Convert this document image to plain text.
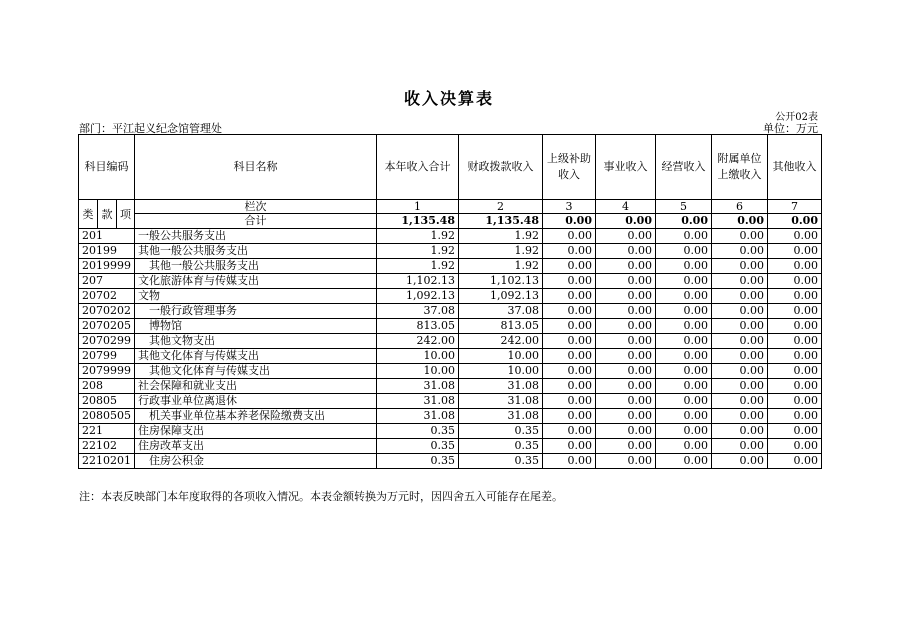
收入决算表
公开02表
部门：平江起义纪念馆管理处	单位：万元
科目编码			科目名称	本年收入合计	财政拨款收入	上级补助收入	事业收入	经营收入	附属单位上缴收入	其他收入
类	款	项	栏次	1	2	3	4	5	6	7
			合计	1,135.48	1,135.48	0.00	0.00	0.00	0.00	0.00
201			一般公共服务支出	1.92	1.92	0.00	0.00	0.00	0.00	0.00
20199			其他一般公共服务支出	1.92	1.92	0.00	0.00	0.00	0.00	0.00
2019999			其他一般公共服务支出	1.92	1.92	0.00	0.00	0.00	0.00	0.00
207			文化旅游体育与传媒支出	1,102.13	1,102.13	0.00	0.00	0.00	0.00	0.00
20702			文物	1,092.13	1,092.13	0.00	0.00	0.00	0.00	0.00
2070202			一般行政管理事务	37.08	37.08	0.00	0.00	0.00	0.00	0.00
2070205			博物馆	813.05	813.05	0.00	0.00	0.00	0.00	0.00
2070299			其他文物支出	242.00	242.00	0.00	0.00	0.00	0.00	0.00
20799			其他文化体育与传媒支出	10.00	10.00	0.00	0.00	0.00	0.00	0.00
2079999			其他文化体育与传媒支出	10.00	10.00	0.00	0.00	0.00	0.00	0.00
208			社会保障和就业支出	31.08	31.08	0.00	0.00	0.00	0.00	0.00
20805			行政事业单位离退休	31.08	31.08	0.00	0.00	0.00	0.00	0.00
2080505			机关事业单位基本养老保险缴费支出	31.08	31.08	0.00	0.00	0.00	0.00	0.00
221			住房保障支出	0.35	0.35	0.00	0.00	0.00	0.00	0.00
22102			住房改革支出	0.35	0.35	0.00	0.00	0.00	0.00	0.00
2210201			住房公积金	0.35	0.35	0.00	0.00	0.00	0.00	0.00
注：本表反映部门本年度取得的各项收入情况。本表金额转换为万元时，因四舍五入可能存在尾差。
